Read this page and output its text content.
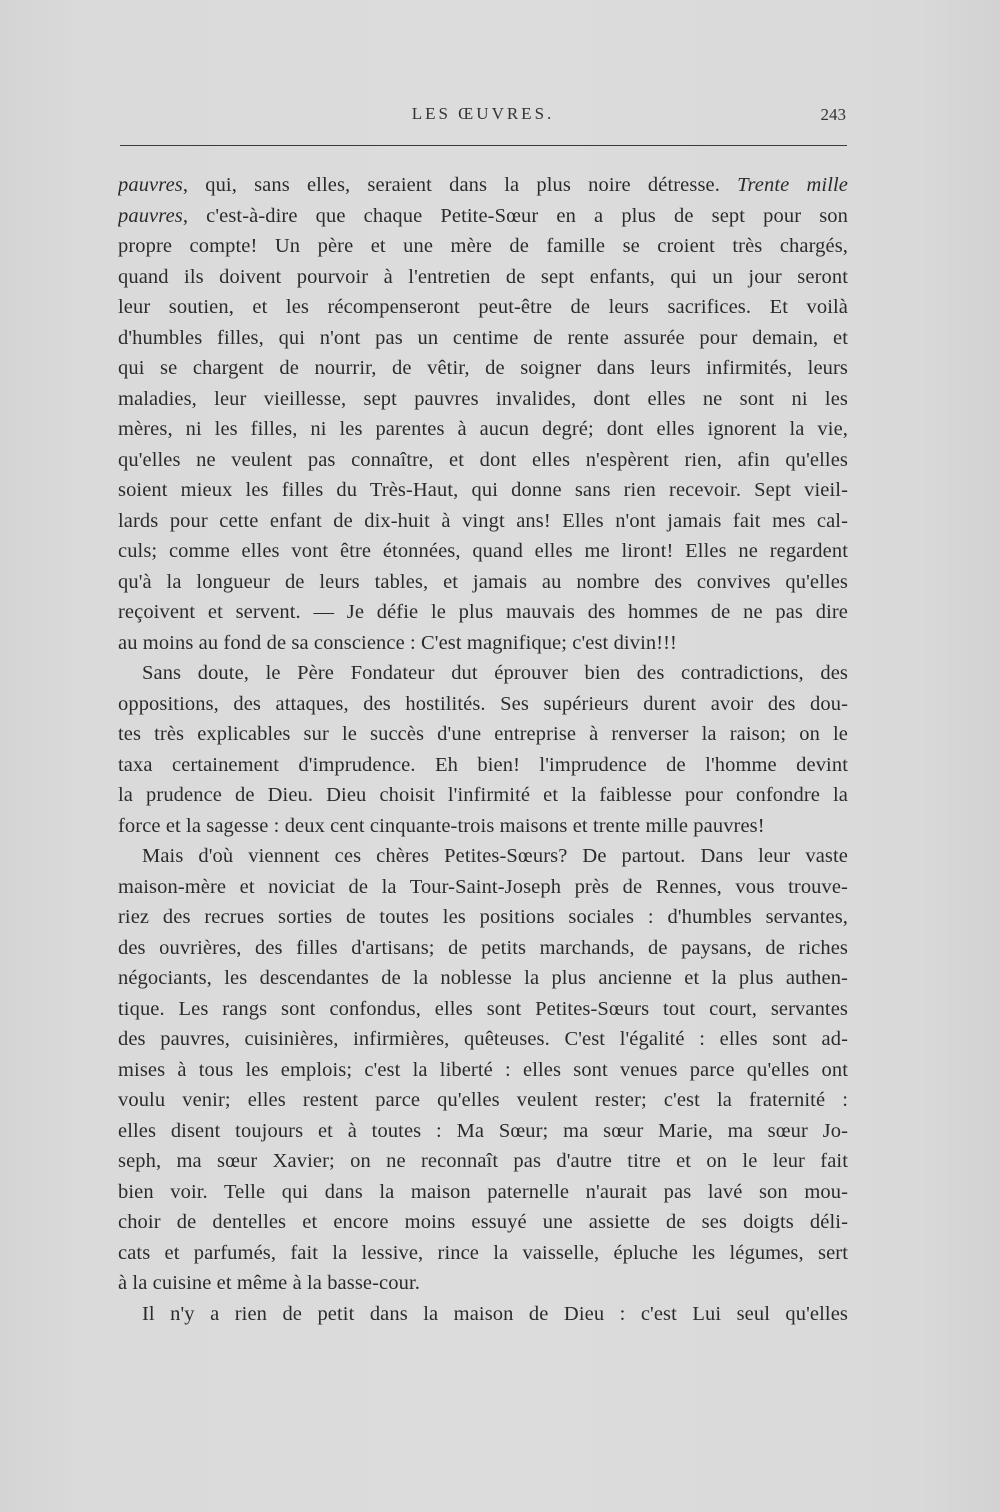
LES ŒUVRES.	243
pauvres, qui, sans elles, seraient dans la plus noire détresse. Trente mille
pauvres, c'est-à-dire que chaque Petite-Sœur en a plus de sept pour son
propre compte! Un père et une mère de famille se croient très chargés,
quand ils doivent pourvoir à l'entretien de sept enfants, qui un jour seront
leur soutien, et les récompenseront peut-être de leurs sacrifices. Et voilà
d'humbles filles, qui n'ont pas un centime de rente assurée pour demain, et
qui se chargent de nourrir, de vêtir, de soigner dans leurs infirmités, leurs
maladies, leur vieillesse, sept pauvres invalides, dont elles ne sont ni les
mères, ni les filles, ni les parentes à aucun degré; dont elles ignorent la vie,
qu'elles ne veulent pas connaître, et dont elles n'espèrent rien, afin qu'elles
soient mieux les filles du Très-Haut, qui donne sans rien recevoir. Sept vieil-
lards pour cette enfant de dix-huit à vingt ans! Elles n'ont jamais fait mes cal-
culs; comme elles vont être étonnées, quand elles me liront! Elles ne regardent
qu'à la longueur de leurs tables, et jamais au nombre des convives qu'elles
reçoivent et servent. — Je défie le plus mauvais des hommes de ne pas dire
au moins au fond de sa conscience : C'est magnifique; c'est divin!!!
Sans doute, le Père Fondateur dut éprouver bien des contradictions, des
oppositions, des attaques, des hostilités. Ses supérieurs durent avoir des dou-
tes très explicables sur le succès d'une entreprise à renverser la raison; on le
taxa certainement d'imprudence. Eh bien! l'imprudence de l'homme devint
la prudence de Dieu. Dieu choisit l'infirmité et la faiblesse pour confondre la
force et la sagesse : deux cent cinquante-trois maisons et trente mille pauvres!
Mais d'où viennent ces chères Petites-Sœurs? De partout. Dans leur vaste
maison-mère et noviciat de la Tour-Saint-Joseph près de Rennes, vous trouve-
riez des recrues sorties de toutes les positions sociales : d'humbles servantes,
des ouvrières, des filles d'artisans; de petits marchands, de paysans, de riches
négociants, les descendantes de la noblesse la plus ancienne et la plus authen-
tique. Les rangs sont confondus, elles sont Petites-Sœurs tout court, servantes
des pauvres, cuisinières, infirmières, quêteuses. C'est l'égalité : elles sont ad-
mises à tous les emplois; c'est la liberté : elles sont venues parce qu'elles ont
voulu venir; elles restent parce qu'elles veulent rester; c'est la fraternité :
elles disent toujours et à toutes : Ma Sœur; ma sœur Marie, ma sœur Jo-
seph, ma sœur Xavier; on ne reconnaît pas d'autre titre et on le leur fait
bien voir. Telle qui dans la maison paternelle n'aurait pas lavé son mou-
choir de dentelles et encore moins essuyé une assiette de ses doigts déli-
cats et parfumés, fait la lessive, rince la vaisselle, épluche les légumes, sert
à la cuisine et même à la basse-cour.
Il n'y a rien de petit dans la maison de Dieu : c'est Lui seul qu'elles
